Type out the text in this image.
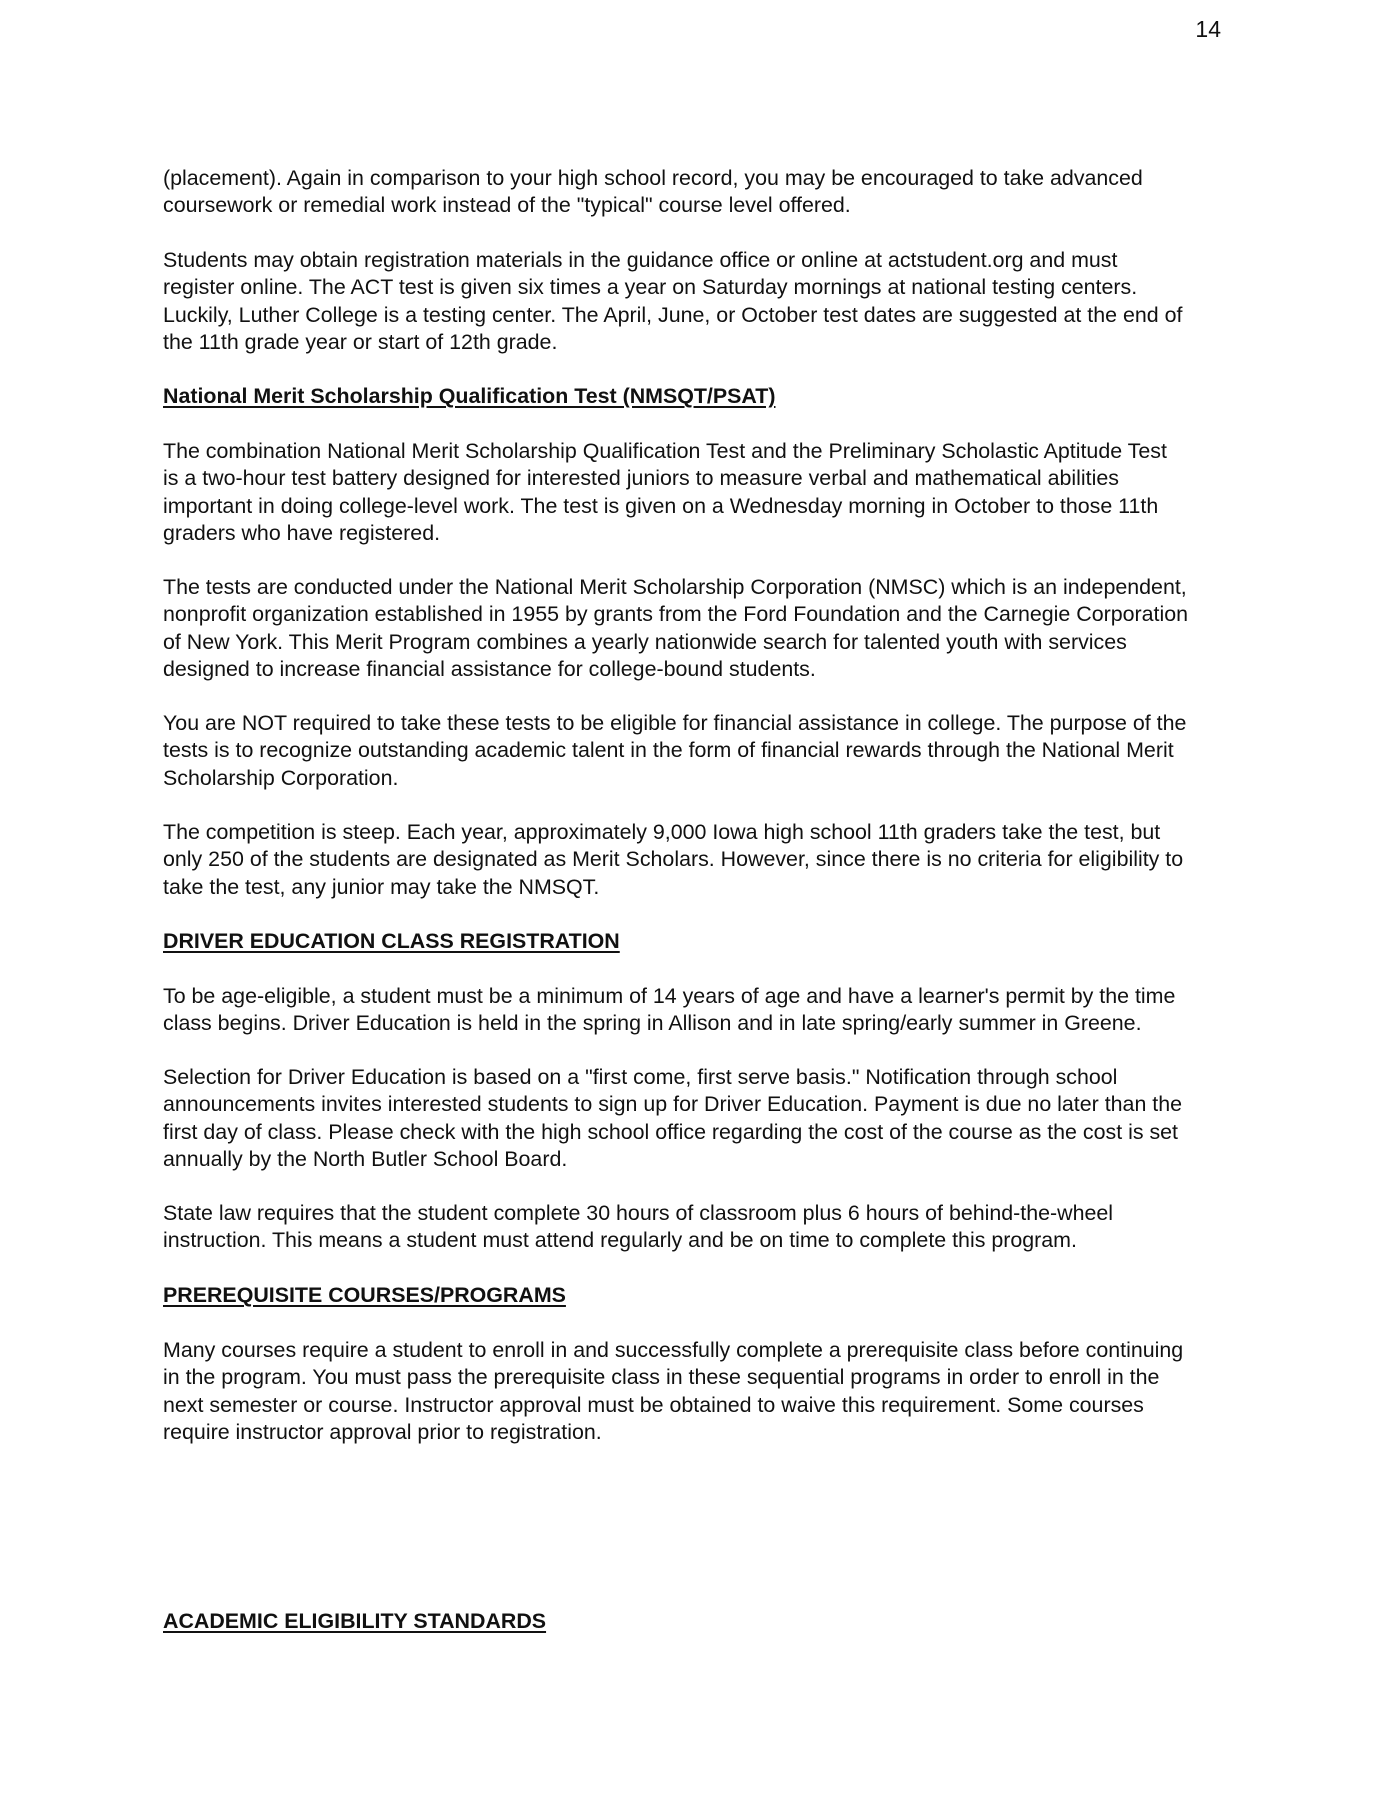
14

(placement). Again in comparison to your high school record, you may be encouraged to take advanced
coursework or remedial work instead of the "typical" course level offered.

Students may obtain registration materials in the guidance office or online at actstudent.org and must
register online. The ACT test is given six times a year on Saturday mornings at national testing centers.
Luckily, Luther College is a testing center. The April, June, or October test dates are suggested at the end of
the 11th grade year or start of 12th grade.

National Merit Scholarship Qualification Test (NMSQT/PSAT)

The combination National Merit Scholarship Qualification Test and the Preliminary Scholastic Aptitude Test
is a two-hour test battery designed for interested juniors to measure verbal and mathematical abilities
important in doing college-level work. The test is given on a Wednesday morning in October to those 11th
graders who have registered.

The tests are conducted under the National Merit Scholarship Corporation (NMSC) which is an independent,
nonprofit organization established in 1955 by grants from the Ford Foundation and the Carnegie Corporation
of New York. This Merit Program combines a yearly nationwide search for talented youth with services
designed to increase financial assistance for college-bound students.

You are NOT required to take these tests to be eligible for financial assistance in college. The purpose of the
tests is to recognize outstanding academic talent in the form of financial rewards through the National Merit
Scholarship Corporation.

The competition is steep. Each year, approximately 9,000 Iowa high school 11th graders take the test, but
only 250 of the students are designated as Merit Scholars. However, since there is no criteria for eligibility to
take the test, any junior may take the NMSQT.

DRIVER EDUCATION CLASS REGISTRATION

To be age-eligible, a student must be a minimum of 14 years of age and have a learner's permit by the time
class begins. Driver Education is held in the spring in Allison and in late spring/early summer in Greene.

Selection for Driver Education is based on a "first come, first serve basis." Notification through school
announcements invites interested students to sign up for Driver Education. Payment is due no later than the
first day of class. Please check with the high school office regarding the cost of the course as the cost is set
annually by the North Butler School Board.

State law requires that the student complete 30 hours of classroom plus 6 hours of behind-the-wheel
instruction. This means a student must attend regularly and be on time to complete this program.

PREREQUISITE COURSES/PROGRAMS

Many courses require a student to enroll in and successfully complete a prerequisite class before continuing
in the program. You must pass the prerequisite class in these sequential programs in order to enroll in the
next semester or course. Instructor approval must be obtained to waive this requirement. Some courses
require instructor approval prior to registration.

ACADEMIC ELIGIBILITY STANDARDS
